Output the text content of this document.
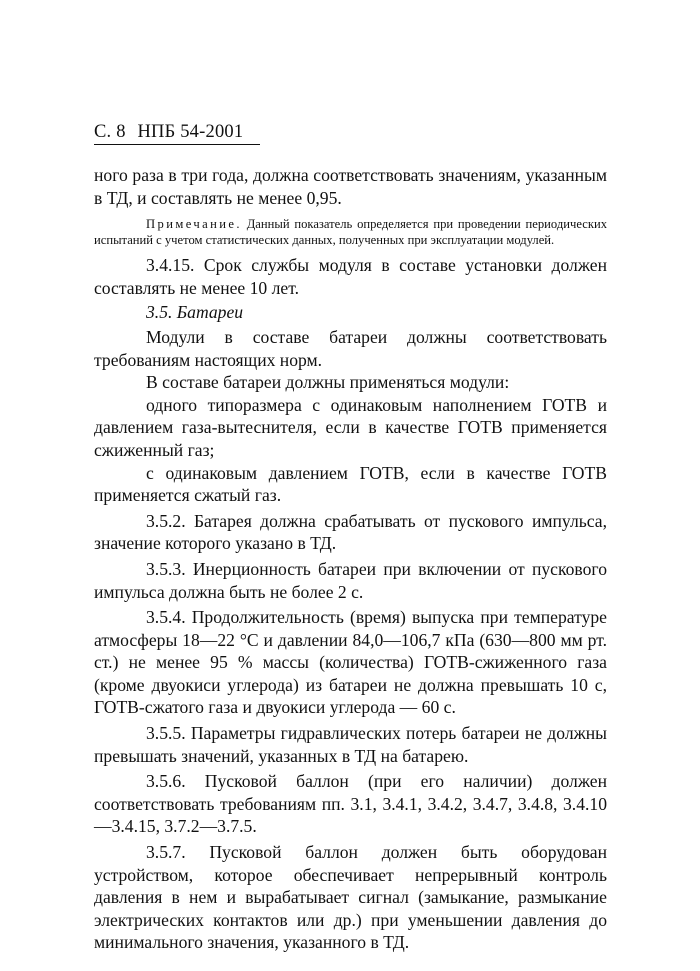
С. 8 НПБ 54-2001

ного раза в три года, должна соответствовать значениям, указанным в ТД, и составлять не менее 0,95.

Примечание. Данный показатель определяется при проведении периодических испытаний с учетом статистических данных, полученных при эксплуатации модулей.

3.4.15. Срок службы модуля в составе установки должен составлять не менее 10 лет.

3.5. Батареи

Модули в составе батареи должны соответствовать требованиям настоящих норм.

В составе батареи должны применяться модули:

одного типоразмера с одинаковым наполнением ГОТВ и давлением газа-вытеснителя, если в качестве ГОТВ применяется сжиженный газ;

с одинаковым давлением ГОТВ, если в качестве ГОТВ применяется сжатый газ.

3.5.2. Батарея должна срабатывать от пускового импульса, значение которого указано в ТД.

3.5.3. Инерционность батареи при включении от пускового импульса должна быть не более 2 с.

3.5.4. Продолжительность (время) выпуска при температуре атмосферы 18—22 °С и давлении 84,0—106,7 кПа (630—800 мм рт. ст.) не менее 95 % массы (количества) ГОТВ-сжиженного газа (кроме двуокиси углерода) из батареи не должна превышать 10 с, ГОТВ-сжатого газа и двуокиси углерода — 60 с.

3.5.5. Параметры гидравлических потерь батареи не должны превышать значений, указанных в ТД на батарею.

3.5.6. Пусковой баллон (при его наличии) должен соответствовать требованиям пп. 3.1, 3.4.1, 3.4.2, 3.4.7, 3.4.8, 3.4.10—3.4.15, 3.7.2—3.7.5.

3.5.7. Пусковой баллон должен быть оборудован устройством, которое обеспечивает непрерывный контроль давления в нем и вырабатывает сигнал (замыкание, размыкание электрических контактов или др.) при уменьшении давления до минимального значения, указанного в ТД.
